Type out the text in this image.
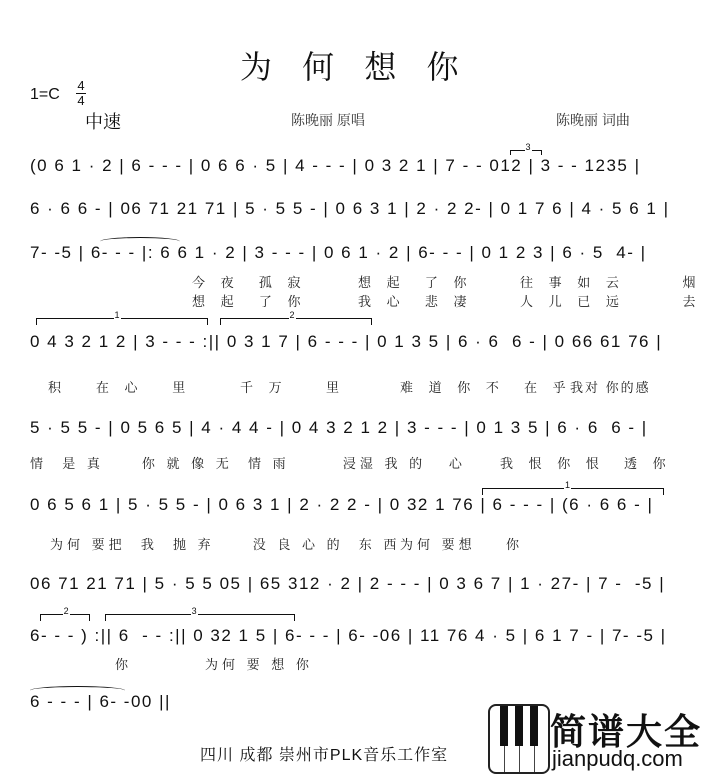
为 何 想 你
1=C
4
4
中速	陈晚丽 原唱	陈晚丽 词曲
(0 6 1 · 2 | 6 - - - | 0 6 6 · 5 | 4 - - - | 0 3 2 1 | 7 - - 012 | 3 - - 1235 |
3
6 · 6 6 - | 06 71 21 71 | 5 · 5 5 - | 0 6 3 1 | 2 · 2 2- | 0 1 7 6 | 4 · 5 6 1 |
7- -5 | 6- - - |: 6 6 1 · 2 | 3 - - - | 0 6 1 · 2 | 6- - - | 0 1 2 3 | 6 · 5  4- |
今 夜  孤 寂	想 起  了 你	往 事 如 云      烟
想 起  了 你	我 心  悲 凄	人 儿 已 远      去
1	2
0 4 3 2 1 2 | 3 - - - :|| 0 3 1 7 | 6 - - - | 0 1 3 5 | 6 · 6  6 - | 0 66 61 76 |
积   在 心   里	千 万    里	难 道 你 不  在 乎
我对 你的感
5 · 5 5 - | 0 5 6 5 | 4 · 4 4 - | 0 4 3 2 1 2 | 3 - - - | 0 1 3 5 | 6 · 6  6 - |
情  是 真     你 就 像 无  情 雨       浸湿 我 的   心	我 恨 你 恨  透 你
1
0 6 5 6 1 | 5 · 5 5 - | 0 6 3 1 | 2 · 2 2 - | 0 32 1 76 | 6 - - - | (6 · 6 6 - |
为何 要把  我  抛 弃     没 良 心 的  东 西 为何 要想    你
06 71 21 71 | 5 · 5 5 05 | 65 312 · 2 | 2 - - - | 0 3 6 7 | 1 · 27- | 7 -  -5 |
2	3
6- - - ) :|| 6  - - :|| 0 32 1 5 | 6- - - | 6- -06 | 11 76 4 · 5 | 6 1 7 - | 7- -5 |
你	为何 要 想 你
6 - - - | 6- -00 ||
四川 成都 崇州市PLK音乐工作室
简谱大全
jianpudq.com
